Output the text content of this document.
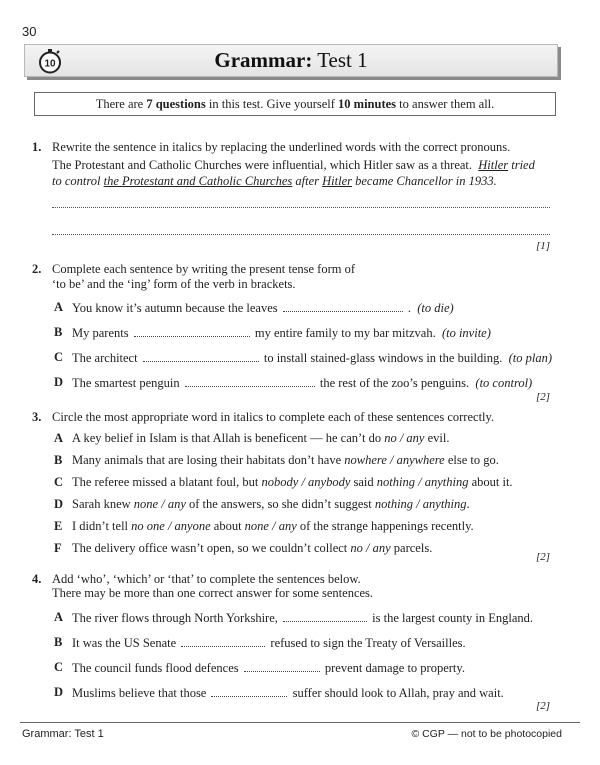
30
10	Grammar: Test 1
There are 7 questions in this test. Give yourself 10 minutes to answer them all.
1. Rewrite the sentence in italics by replacing the underlined words with the correct pronouns.
The Protestant and Catholic Churches were influential, which Hitler saw as a threat. Hitler tried
to control the Protestant and Catholic Churches after Hitler became Chancellor in 1933.
[1]
2. Complete each sentence by writing the present tense form of
‘to be’ and the ‘ing’ form of the verb in brackets.
A You know it’s autumn because the leaves	. (to die)
B My parents	my entire family to my bar mitzvah. (to invite)
C The architect	to install stained-glass windows in the building. (to plan)
D The smartest penguin	the rest of the zoo’s penguins. (to control)
[2]
3. Circle the most appropriate word in italics to complete each of these sentences correctly.
A A key belief in Islam is that Allah is beneficent — he can’t do no / any evil.
B Many animals that are losing their habitats don’t have nowhere / anywhere else to go.
C The referee missed a blatant foul, but nobody / anybody said nothing / anything about it.
D Sarah knew none / any of the answers, so she didn’t suggest nothing / anything.
E I didn’t tell no one / anyone about none / any of the strange happenings recently.
F The delivery office wasn’t open, so we couldn’t collect no / any parcels.
[2]
4. Add ‘who’, ‘which’ or ‘that’ to complete the sentences below.
There may be more than one correct answer for some sentences.
A The river flows through North Yorkshire,	is the largest county in England.
B It was the US Senate	refused to sign the Treaty of Versailles.
C The council funds flood defences	prevent damage to property.
D Muslims believe that those	suffer should look to Allah, pray and wait.
[2]
Grammar: Test 1	© CGP — not to be photocopied
